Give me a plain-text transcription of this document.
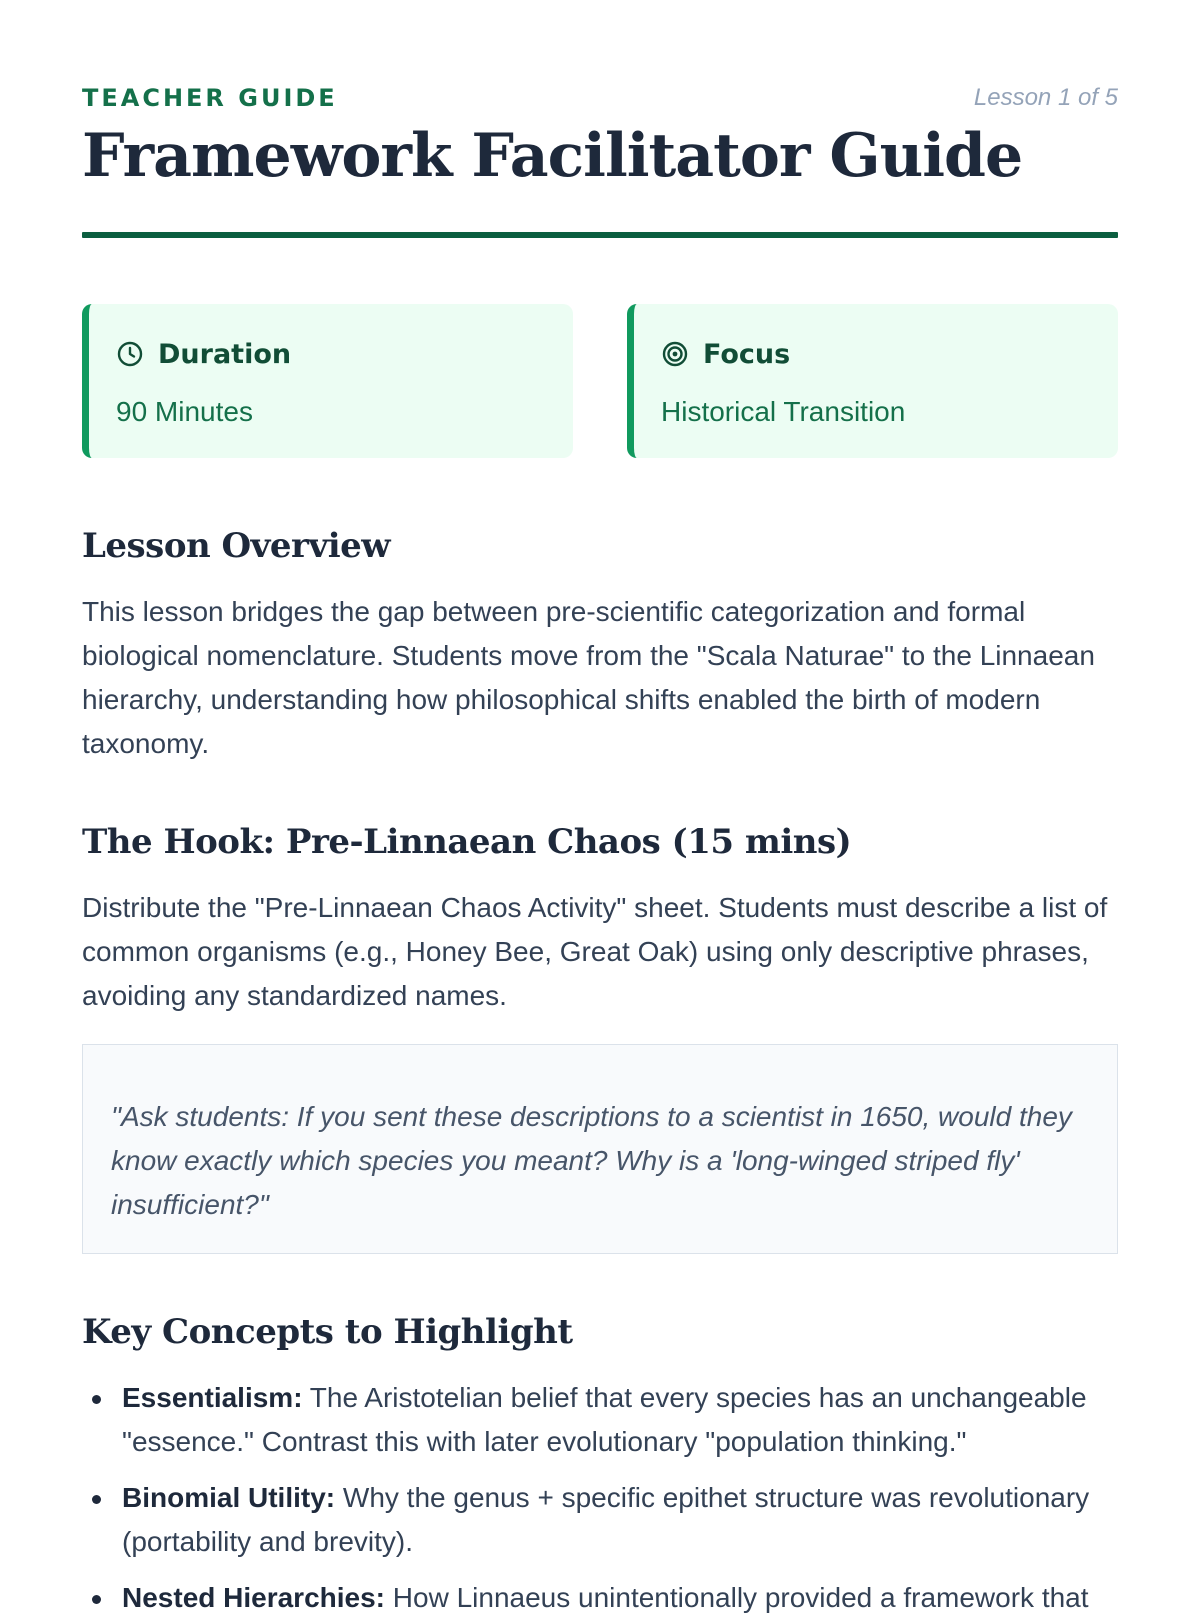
TEACHER GUIDE	Lesson 1 of 5
Framework Facilitator Guide
Duration
90 Minutes
Focus
Historical Transition
Lesson Overview

This lesson bridges the gap between pre-scientific categorization and formal biological nomenclature. Students move from the "Scala Naturae" to the Linnaean hierarchy, understanding how philosophical shifts enabled the birth of modern taxonomy.

The Hook: Pre-Linnaean Chaos (15 mins)

Distribute the "Pre-Linnaean Chaos Activity" sheet. Students must describe a list of common organisms (e.g., Honey Bee, Great Oak) using only descriptive phrases, avoiding any standardized names.

"Ask students: If you sent these descriptions to a scientist in 1650, would they know exactly which species you meant? Why is a 'long-winged striped fly' insufficient?"

Key Concepts to Highlight
Essentialism: The Aristotelian belief that every species has an unchangeable "essence." Contrast this with later evolutionary "population thinking."
Binomial Utility: Why the genus + specific epithet structure was revolutionary (portability and brevity).
Nested Hierarchies: How Linnaeus unintentionally provided a framework that
